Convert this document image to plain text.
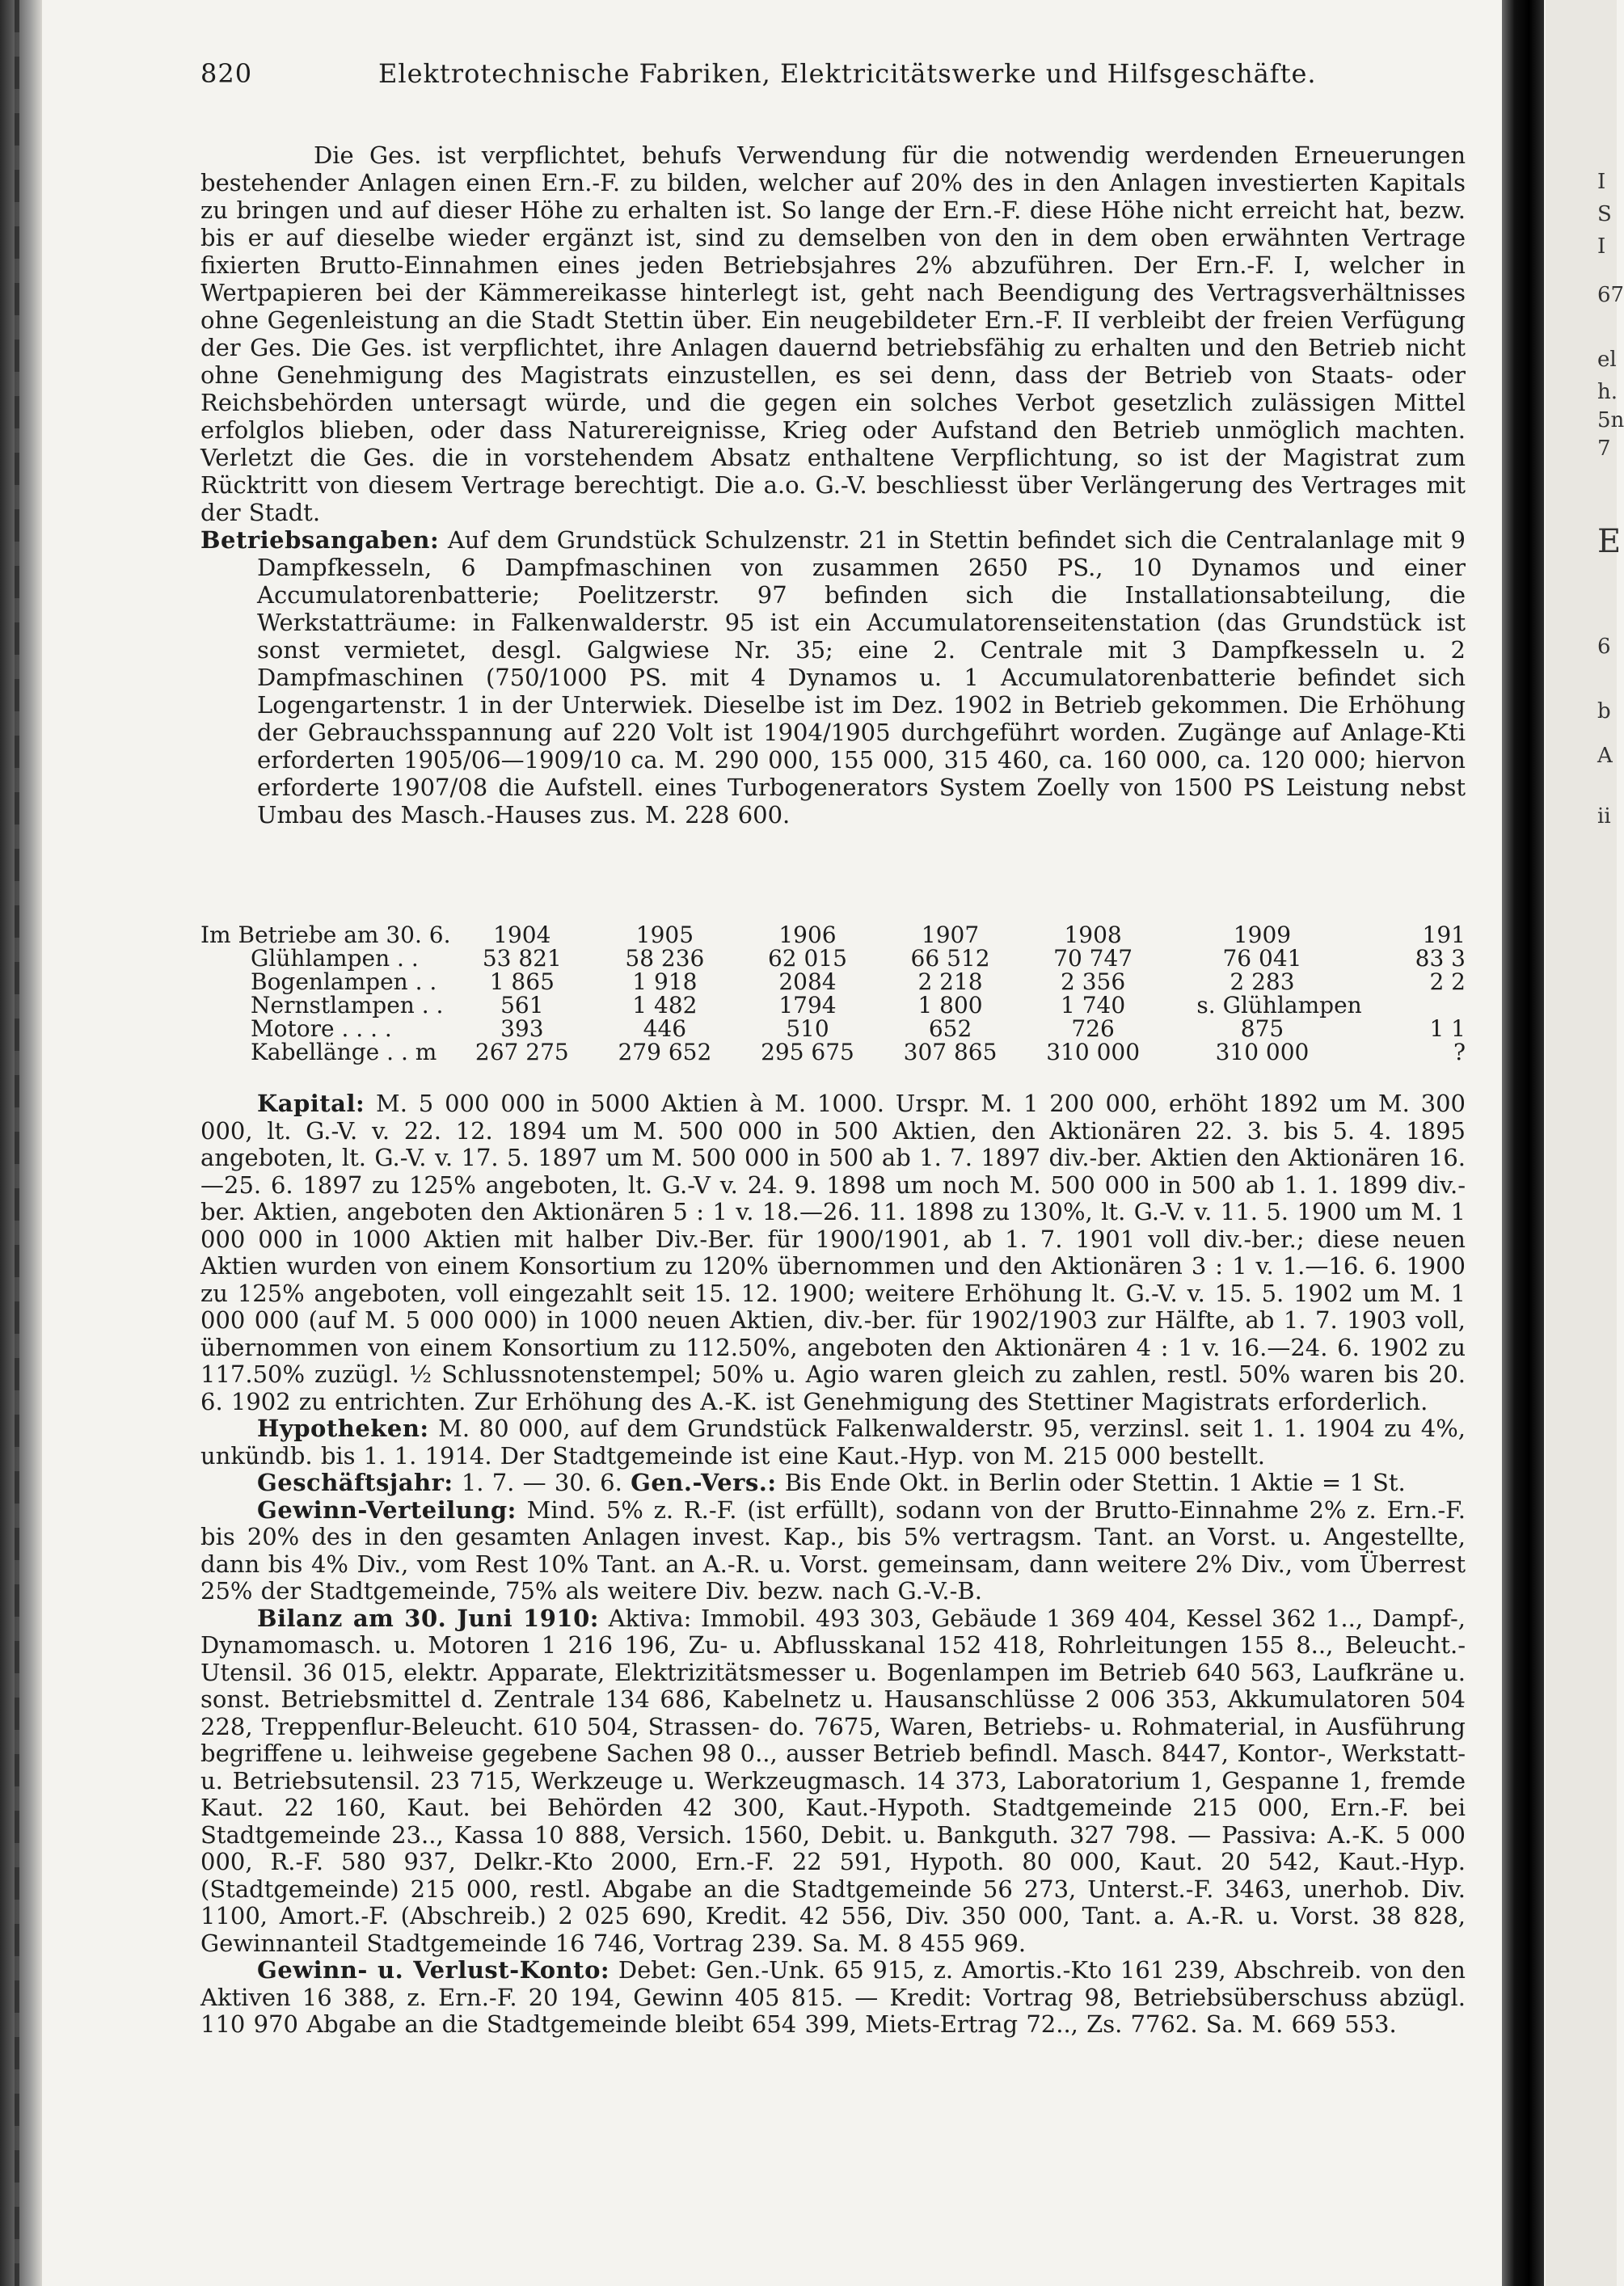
I
S
I
67
el
h.
5n
7
E
6
b
A
ii
820	Elektrotechnische Fabriken, Elektricitätswerke und Hilfsgeschäfte.

Die Ges. ist verpflichtet, behufs Verwendung für die notwendig werdenden Erneuerungen bestehender Anlagen einen Ern.-F. zu bilden, welcher auf 20% des in den Anlagen investierten Kapitals zu bringen und auf dieser Höhe zu erhalten ist. So lange der Ern.-F. diese Höhe nicht erreicht hat, bezw. bis er auf dieselbe wieder ergänzt ist, sind zu demselben von den in dem oben erwähnten Vertrage fixierten Brutto-Einnahmen eines jeden Betriebsjahres 2% abzuführen. Der Ern.-F. I, welcher in Wertpapieren bei der Kämmereikasse hinterlegt ist, geht nach Beendigung des Vertragsverhältnisses ohne Gegenleistung an die Stadt Stettin über. Ein neugebildeter Ern.-F. II verbleibt der freien Verfügung der Ges. Die Ges. ist verpflichtet, ihre Anlagen dauernd betriebsfähig zu erhalten und den Betrieb nicht ohne Genehmigung des Magistrats einzustellen, es sei denn, dass der Betrieb von Staats- oder Reichsbehörden untersagt würde, und die gegen ein solches Verbot gesetzlich zulässigen Mittel erfolglos blieben, oder dass Naturereignisse, Krieg oder Aufstand den Betrieb unmöglich machten. Verletzt die Ges. die in vorstehendem Absatz enthaltene Verpflichtung, so ist der Magistrat zum Rücktritt von diesem Vertrage berechtigt. Die a.o. G.-V. beschliesst über Verlängerung des Vertrages mit der Stadt.

Betriebsangaben: Auf dem Grundstück Schulzenstr. 21 in Stettin befindet sich die Centralanlage mit 9 Dampfkesseln, 6 Dampfmaschinen von zusammen 2650 PS., 10 Dynamos und einer Accumulatorenbatterie; Poelitzerstr. 97 befinden sich die Installationsabteilung, die Werkstatträume: in Falkenwalderstr. 95 ist ein Accumulatorenseitenstation (das Grundstück ist sonst vermietet, desgl. Galgwiese Nr. 35; eine 2. Centrale mit 3 Dampfkesseln u. 2 Dampfmaschinen (750/1000 PS. mit 4 Dynamos u. 1 Accumulatorenbatterie befindet sich Logengartenstr. 1 in der Unterwiek. Dieselbe ist im Dez. 1902 in Betrieb gekommen. Die Erhöhung der Gebrauchsspannung auf 220 Volt ist 1904/1905 durchgeführt worden. Zugänge auf Anlage-Kti erforderten 1905/06—1909/10 ca. M. 290 000, 155 000, 315 460, ca. 160 000, ca. 120 000; hiervon erforderte 1907/08 die Aufstell. eines Turbogenerators System Zoelly von 1500 PS Leistung nebst Umbau des Masch.-Hauses zus. M. 228 600.

Im Betriebe am 30. 6.	1904	1905	1906	1907	1908	1909	191
Glühlampen . .	53 821	58 236	62 015	66 512	70 747	76 041	83 3
Bogenlampen . .	1 865	1 918	2084	2 218	2 356	2 283	2 2
Nernstlampen . .	561	1 482	1794	1 800	1 740	s. Glühlampen	
Motore . . . .	393	446	510	652	726	875	1 1
Kabellänge . . m	267 275	279 652	295 675	307 865	310 000	310 000	?

Kapital: M. 5 000 000 in 5000 Aktien à M. 1000. Urspr. M. 1 200 000, erhöht 1892 um M. 300 000, lt. G.-V. v. 22. 12. 1894 um M. 500 000 in 500 Aktien, den Aktionären 22. 3. bis 5. 4. 1895 angeboten, lt. G.-V. v. 17. 5. 1897 um M. 500 000 in 500 ab 1. 7. 1897 div.-ber. Aktien den Aktionären 16.—25. 6. 1897 zu 125% angeboten, lt. G.-V v. 24. 9. 1898 um noch M. 500 000 in 500 ab 1. 1. 1899 div.-ber. Aktien, angeboten den Aktionären 5 : 1 v. 18.—26. 11. 1898 zu 130%, lt. G.-V. v. 11. 5. 1900 um M. 1 000 000 in 1000 Aktien mit halber Div.-Ber. für 1900/1901, ab 1. 7. 1901 voll div.-ber.; diese neuen Aktien wurden von einem Konsortium zu 120% übernommen und den Aktionären 3 : 1 v. 1.—16. 6. 1900 zu 125% angeboten, voll eingezahlt seit 15. 12. 1900; weitere Erhöhung lt. G.-V. v. 15. 5. 1902 um M. 1 000 000 (auf M. 5 000 000) in 1000 neuen Aktien, div.-ber. für 1902/1903 zur Hälfte, ab 1. 7. 1903 voll, übernommen von einem Konsortium zu 112.50%, angeboten den Aktionären 4 : 1 v. 16.—24. 6. 1902 zu 117.50% zuzügl. ½ Schlussnotenstempel; 50% u. Agio waren gleich zu zahlen, restl. 50% waren bis 20. 6. 1902 zu entrichten. Zur Erhöhung des A.-K. ist Genehmigung des Stettiner Magistrats erforderlich.

Hypotheken: M. 80 000, auf dem Grundstück Falkenwalderstr. 95, verzinsl. seit 1. 1. 1904 zu 4%, unkündb. bis 1. 1. 1914. Der Stadtgemeinde ist eine Kaut.-Hyp. von M. 215 000 bestellt.

Geschäftsjahr: 1. 7. — 30. 6. Gen.-Vers.: Bis Ende Okt. in Berlin oder Stettin. 1 Aktie = 1 St.

Gewinn-Verteilung: Mind. 5% z. R.-F. (ist erfüllt), sodann von der Brutto-Einnahme 2% z. Ern.-F. bis 20% des in den gesamten Anlagen invest. Kap., bis 5% vertragsm. Tant. an Vorst. u. Angestellte, dann bis 4% Div., vom Rest 10% Tant. an A.-R. u. Vorst. gemeinsam, dann weitere 2% Div., vom Überrest 25% der Stadtgemeinde, 75% als weitere Div. bezw. nach G.-V.-B.

Bilanz am 30. Juni 1910: Aktiva: Immobil. 493 303, Gebäude 1 369 404, Kessel 362 1.., Dampf-, Dynamomasch. u. Motoren 1 216 196, Zu- u. Abflusskanal 152 418, Rohrleitungen 155 8.., Beleucht.-Utensil. 36 015, elektr. Apparate, Elektrizitätsmesser u. Bogenlampen im Betrieb 640 563, Laufkräne u. sonst. Betriebsmittel d. Zentrale 134 686, Kabelnetz u. Hausanschlüsse 2 006 353, Akkumulatoren 504 228, Treppenflur-Beleucht. 610 504, Strassen- do. 7675, Waren, Betriebs- u. Rohmaterial, in Ausführung begriffene u. leihweise gegebene Sachen 98 0.., ausser Betrieb befindl. Masch. 8447, Kontor-, Werkstatt- u. Betriebsutensil. 23 715, Werkzeuge u. Werkzeugmasch. 14 373, Laboratorium 1, Gespanne 1, fremde Kaut. 22 160, Kaut. bei Behörden 42 300, Kaut.-Hypoth. Stadtgemeinde 215 000, Ern.-F. bei Stadtgemeinde 23.., Kassa 10 888, Versich. 1560, Debit. u. Bankguth. 327 798. — Passiva: A.-K. 5 000 000, R.-F. 580 937, Delkr.-Kto 2000, Ern.-F. 22 591, Hypoth. 80 000, Kaut. 20 542, Kaut.-Hyp. (Stadtgemeinde) 215 000, restl. Abgabe an die Stadtgemeinde 56 273, Unterst.-F. 3463, unerhob. Div. 1100, Amort.-F. (Abschreib.) 2 025 690, Kredit. 42 556, Div. 350 000, Tant. a. A.-R. u. Vorst. 38 828, Gewinnanteil Stadtgemeinde 16 746, Vortrag 239. Sa. M. 8 455 969.

Gewinn- u. Verlust-Konto: Debet: Gen.-Unk. 65 915, z. Amortis.-Kto 161 239, Abschreib. von den Aktiven 16 388, z. Ern.-F. 20 194, Gewinn 405 815. — Kredit: Vortrag 98, Betriebsüberschuss abzügl. 110 970 Abgabe an die Stadtgemeinde bleibt 654 399, Miets-Ertrag 72.., Zs. 7762. Sa. M. 669 553.
